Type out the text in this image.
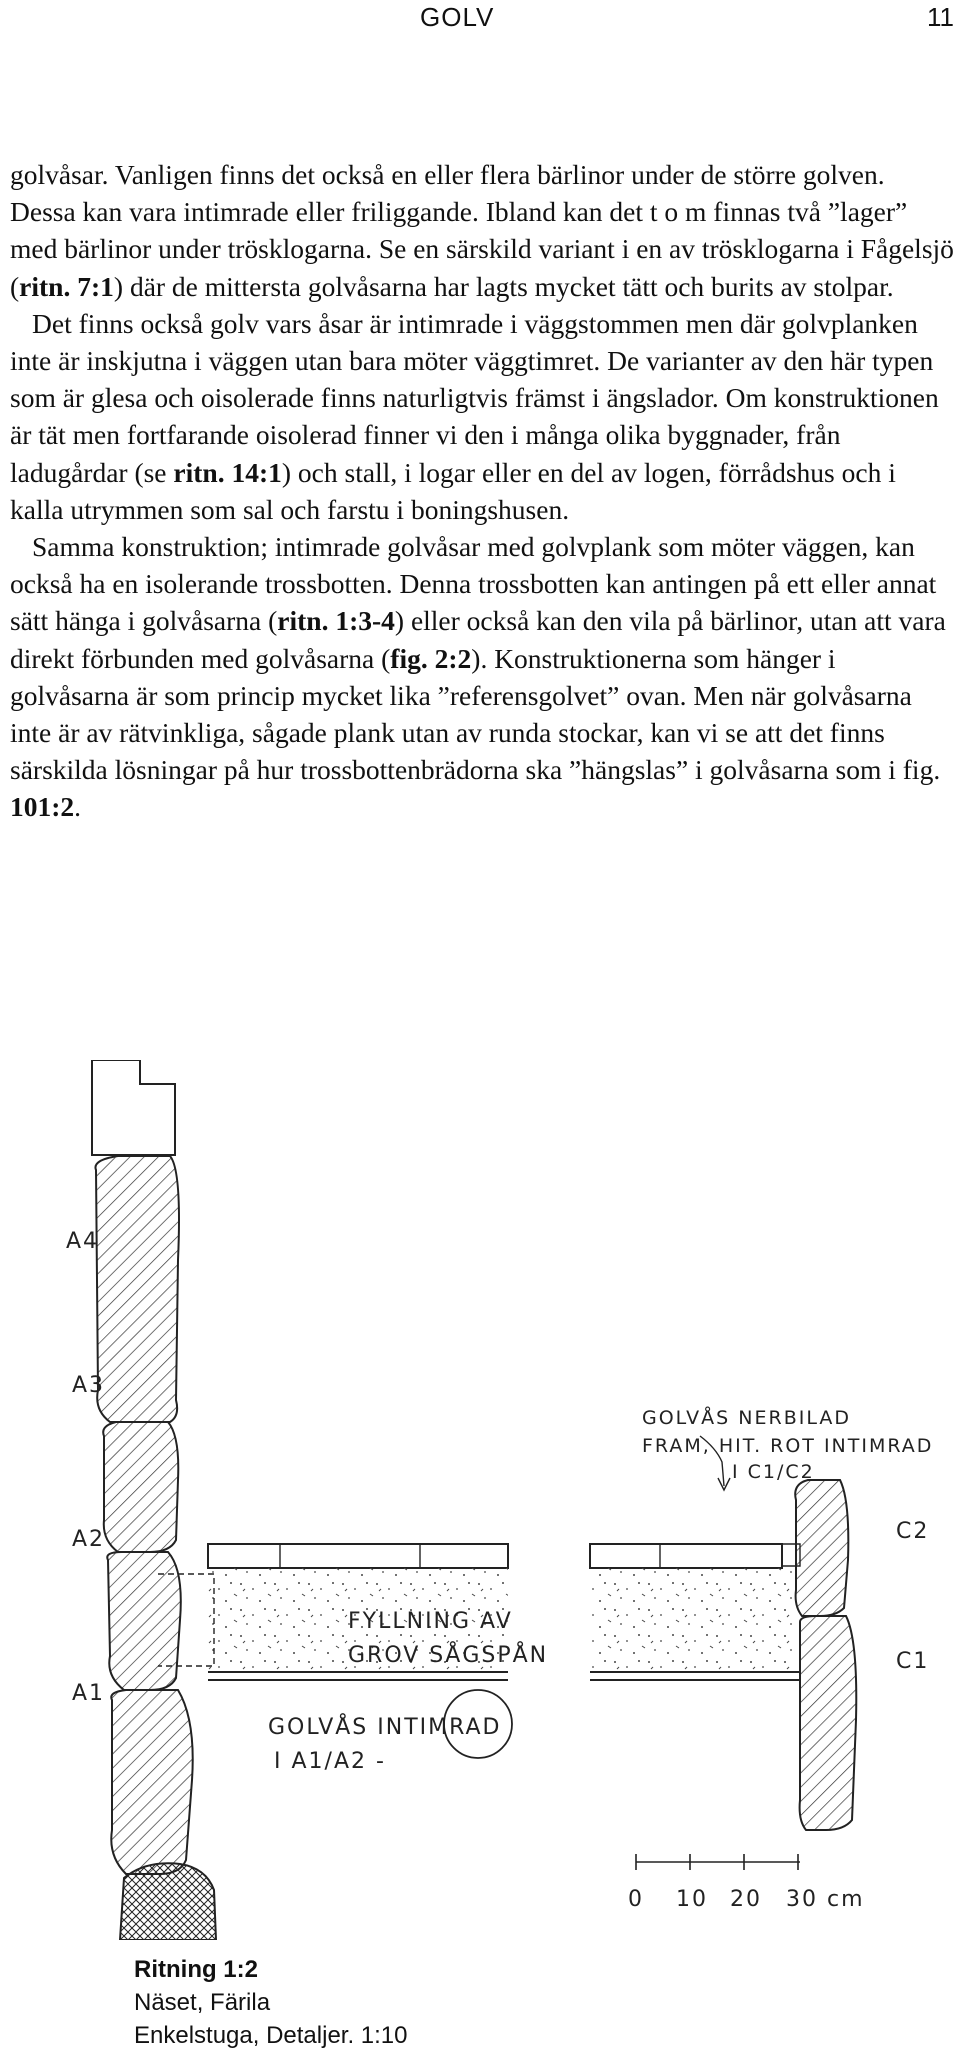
GOLV	11

golvåsar. Vanligen finns det också en eller flera bärlinor under de större golven. Dessa kan vara intimrade eller friliggande. Ibland kan det t o m finnas två ”lager” med bärlinor under trösklogarna. Se en särskild variant i en av trösklogarna i Fågelsjö (ritn. 7:1) där de mittersta golvåsarna har lagts mycket tätt och burits av stolpar.

Det finns också golv vars åsar är intimrade i väggstommen men där golvplanken inte är inskjutna i väggen utan bara möter väggtimret. De varianter av den här typen som är glesa och oisolerade finns naturligtvis främst i ängslador. Om konstruktionen är tät men fortfarande oisolerad finner vi den i många olika byggnader, från ladugårdar (se ritn. 14:1) och stall, i logar eller en del av logen, förrådshus och i kalla utrymmen som sal och farstu i boningshusen.

Samma konstruktion; intimrade golvåsar med golvplank som möter väggen, kan också ha en isolerande trossbotten. Denna trossbotten kan antingen på ett eller annat sätt hänga i golvåsarna (ritn. 1:3-4) eller också kan den vila på bärlinor, utan att vara direkt förbunden med golvåsarna (fig. 2:2). Konstruktionerna som hänger i golvåsarna är som princip mycket lika ”referensgolvet” ovan. Men när golvåsarna inte är av rätvinkliga, sågade plank utan av runda stockar, kan vi se att det finns särskilda lösningar på hur trossbottenbrädorna ska ”hängslas” i golvåsarna som i fig. 101:2.

A4
A3
A2
A1
FYLLNING AV
GROV SÅGSPÅN
GOLVÅS INTIMRAD
I A1/A2 -
GOLVÅS NERBILAD
FRAM, HIT. ROT INTIMRAD
I C1/C2
C2
C1
0 10 20 30 cm
Ritning 1:2
Näset, Färila
Enkelstuga, Detaljer. 1:10
